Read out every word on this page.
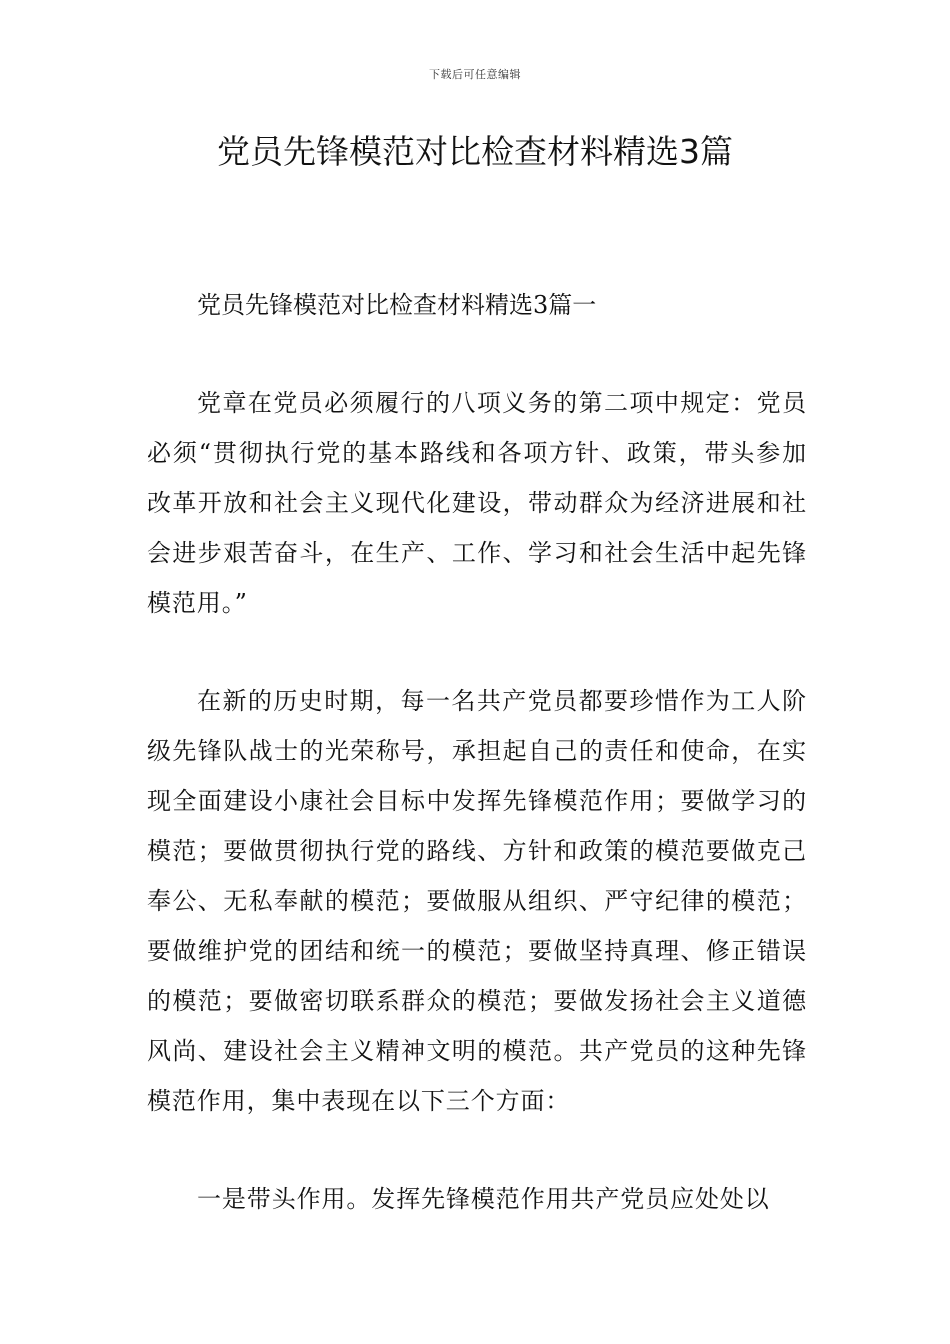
下载后可任意编辑
党员先锋模范对比检查材料精选3篇

党员先锋模范对比检查材料精选3篇一

党章在党员必须履行的八项义务的第二项中规定：党员必须“贯彻执行党的基本路线和各项方针、政策，带头参加改革开放和社会主义现代化建设，带动群众为经济进展和社会进步艰苦奋斗，在生产、工作、学习和社会生活中起先锋模范用。”

在新的历史时期，每一名共产党员都要珍惜作为工人阶级先锋队战士的光荣称号，承担起自己的责任和使命，在实现全面建设小康社会目标中发挥先锋模范作用；要做学习的模范；要做贯彻执行党的路线、方针和政策的模范要做克己奉公、无私奉献的模范；要做服从组织、严守纪律的模范；要做维护党的团结和统一的模范；要做坚持真理、修正错误的模范；要做密切联系群众的模范；要做发扬社会主义道德风尚、建设社会主义精神文明的模范。共产党员的这种先锋模范作用，集中表现在以下三个方面：

一是带头作用。发挥先锋模范作用共产党员应处处以
